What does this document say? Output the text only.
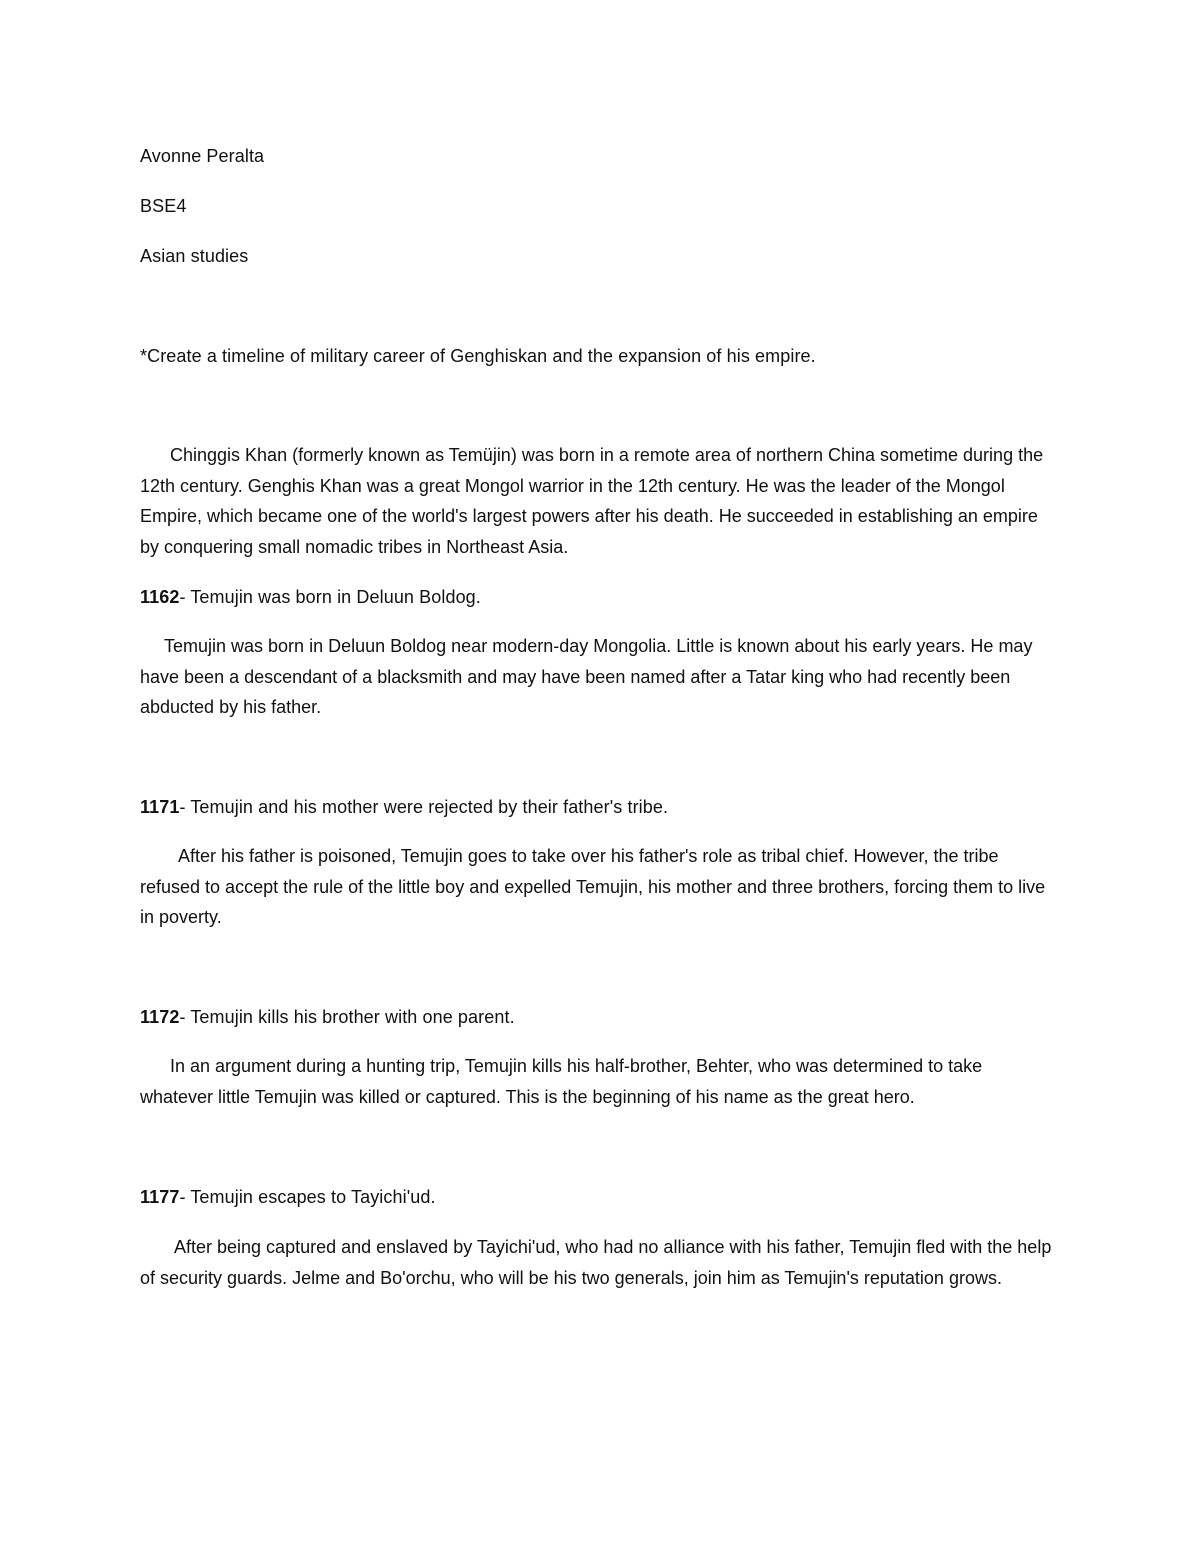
Avonne Peralta
BSE4
Asian studies
*Create a timeline of military career of Genghiskan and the expansion of his empire.

Chinggis Khan (formerly known as Temüjin) was born in a remote area of northern China sometime during the 12th century. Genghis Khan was a great Mongol warrior in the 12th century. He was the leader of the Mongol Empire, which became one of the world's largest powers after his death. He succeeded in establishing an empire by conquering small nomadic tribes in Northeast Asia.

1162- Temujin was born in Deluun Boldog.

Temujin was born in Deluun Boldog near modern-day Mongolia. Little is known about his early years. He may have been a descendant of a blacksmith and may have been named after a Tatar king who had recently been abducted by his father.

1171- Temujin and his mother were rejected by their father's tribe.

After his father is poisoned, Temujin goes to take over his father's role as tribal chief. However, the tribe refused to accept the rule of the little boy and expelled Temujin, his mother and three brothers, forcing them to live in poverty.

1172- Temujin kills his brother with one parent.

In an argument during a hunting trip, Temujin kills his half-brother, Behter, who was determined to take whatever little Temujin was killed or captured. This is the beginning of his name as the great hero.

1177- Temujin escapes to Tayichi'ud.

After being captured and enslaved by Tayichi'ud, who had no alliance with his father, Temujin fled with the help of security guards. Jelme and Bo'orchu, who will be his two generals, join him as Temujin's reputation grows.
